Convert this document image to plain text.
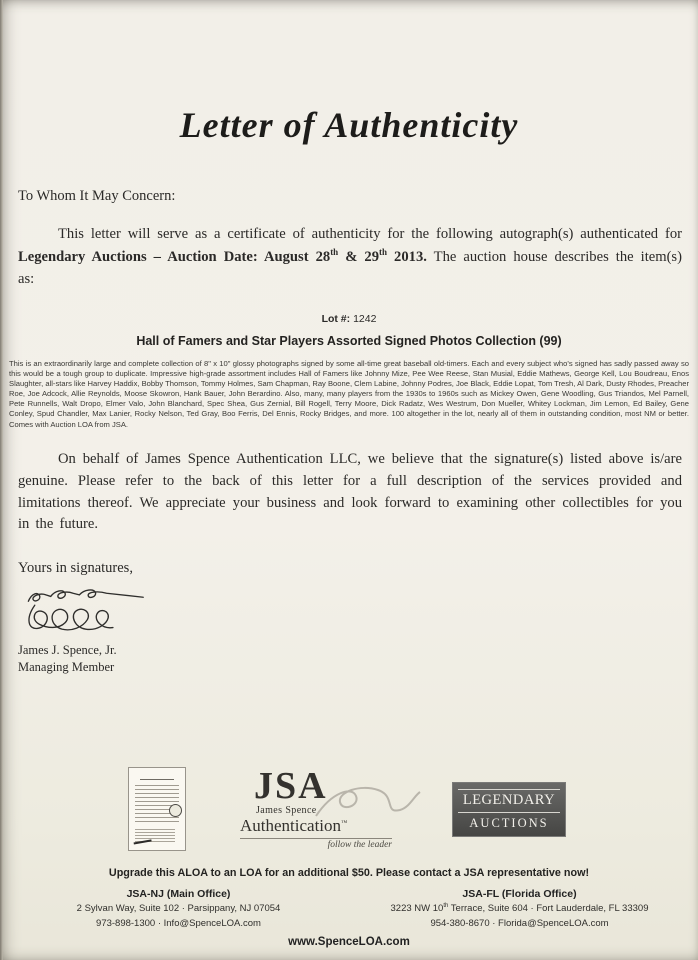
Letter of Authenticity

To Whom It May Concern:

This letter will serve as a certificate of authenticity for the following autograph(s) authenticated for Legendary Auctions – Auction Date: August 28th & 29th 2013. The auction house describes the item(s) as:

Lot #: 1242

Hall of Famers and Star Players Assorted Signed Photos Collection (99)

This is an extraordinarily large and complete collection of 8" x 10" glossy photographs signed by some all-time great baseball old-timers. Each and every subject who's signed has sadly passed away so this would be a tough group to duplicate. Impressive high-grade assortment includes Hall of Famers like Johnny Mize, Pee Wee Reese, Stan Musial, Eddie Mathews, George Kell, Lou Boudreau, Enos Slaughter, all-stars like Harvey Haddix, Bobby Thomson, Tommy Holmes, Sam Chapman, Ray Boone, Clem Labine, Johnny Podres, Joe Black, Eddie Lopat, Tom Tresh, Al Dark, Dusty Rhodes, Preacher Roe, Joe Adcock, Allie Reynolds, Moose Skowron, Hank Bauer, John Berardino. Also, many, many players from the 1930s to 1960s such as Mickey Owen, Gene Woodling, Gus Triandos, Mel Parnell, Pete Runnells, Walt Dropo, Elmer Valo, John Blanchard, Spec Shea, Gus Zernial, Bill Rogell, Terry Moore, Dick Radatz, Wes Westrum, Don Mueller, Whitey Lockman, Jim Lemon, Ed Bailey, Gene Conley, Spud Chandler, Max Lanier, Rocky Nelson, Ted Gray, Boo Ferris, Del Ennis, Rocky Bridges, and more. 100 altogether in the lot, nearly all of them in outstanding condition, most NM or better. Comes with Auction LOA from JSA.

On behalf of James Spence Authentication LLC, we believe that the signature(s) listed above is/are genuine. Please refer to the back of this letter for a full description of the services provided and limitations thereof. We appreciate your business and look forward to examining other collectibles for you in the future.

Yours in signatures,

James J. Spence, Jr.

Managing Member

JSA
James Spence
Authentication™
follow the leader
LEGENDARY
AUCTIONS

Upgrade this ALOA to an LOA for an additional $50. Please contact a JSA representative now!

JSA-NJ (Main Office)
2 Sylvan Way, Suite 102 · Parsippany, NJ 07054
973-898-1300 · Info@SpenceLOA.com
JSA-FL (Florida Office)
3223 NW 10th Terrace, Suite 604 · Fort Lauderdale, FL 33309
954-380-8670 · Florida@SpenceLOA.com

www.SpenceLOA.com
